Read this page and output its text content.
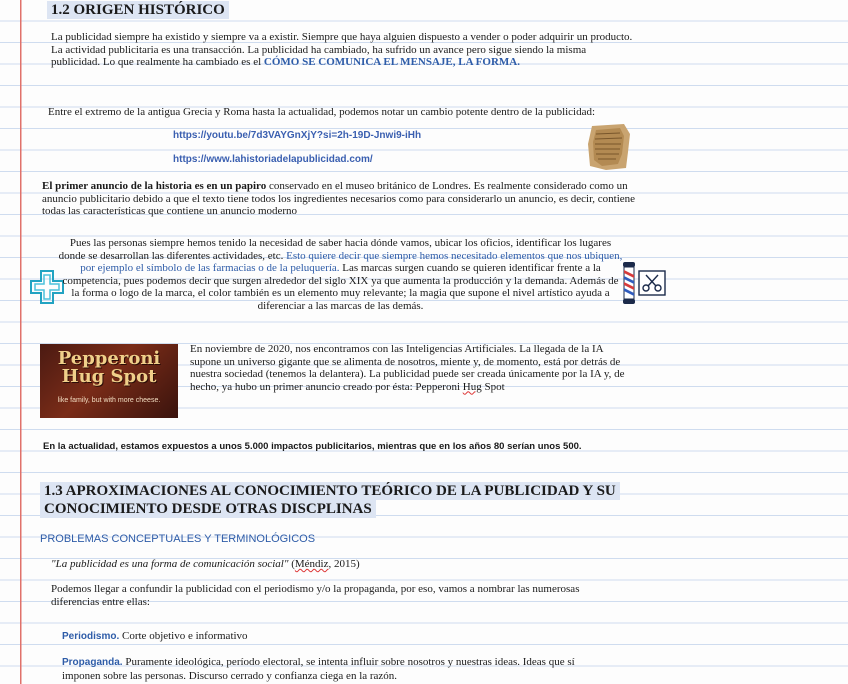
1.2 ORIGEN HISTÓRICO
La publicidad siempre ha existido y siempre va a existir. Siempre que haya alguien dispuesto a vender o poder adquirir un producto. La actividad publicitaria es una transacción. La publicidad ha cambiado, ha sufrido un avance pero sigue siendo la misma publicidad. Lo que realmente ha cambiado es el CÓMO SE COMUNICA EL MENSAJE, LA FORMA.
Entre el extremo de la antigua Grecia y Roma hasta la actualidad, podemos notar un cambio potente dentro de la publicidad:
https://youtu.be/7d3VAYGnXjY?si=2h-19D-Jnwi9-iHh
https://www.lahistoriadelapublicidad.com/
El primer anuncio de la historia es en un papiro conservado en el museo británico de Londres. Es realmente considerado como un anuncio publicitario debido a que el texto tiene todos los ingredientes necesarios como para considerarlo un anuncio, es decir, contiene todas las características que contiene un anuncio moderno
Pues las personas siempre hemos tenido la necesidad de saber hacia dónde vamos, ubicar los oficios, identificar los lugares donde se desarrollan las diferentes actividades, etc. Esto quiere decir que siempre hemos necesitado elementos que nos ubiquen, por ejemplo el símbolo de las farmacias o de la peluquería. Las marcas surgen cuando se quieren identificar frente a la competencia, pues podemos decir que surgen alrededor del siglo XIX ya que aumenta la producción y la demanda. Además de la forma o logo de la marca, el color también es un elemento muy relevante; la magia que supone el nivel artístico ayuda a diferenciar a las marcas de las demás.
Pepperoni
Hug Spot
like family, but with more cheese.
En noviembre de 2020, nos encontramos con las Inteligencias Artificiales. La llegada de la IA supone un universo gigante que se alimenta de nosotros, miente y, de momento, está por detrás de nuestra sociedad (tenemos la delantera). La publicidad puede ser creada únicamente por la IA y, de hecho, ya hubo un primer anuncio creado por ésta: Pepperoni Hug Spot
En la actualidad, estamos expuestos a unos 5.000 impactos publicitarios, mientras que en los años 80 serían unos 500.
1.3 APROXIMACIONES AL CONOCIMIENTO TEÓRICO DE LA PUBLICIDAD Y SU
CONOCIMIENTO DESDE OTRAS DISCPLINAS
PROBLEMAS CONCEPTUALES Y TERMINOLÓGICOS
"La publicidad es una forma de comunicación social" (Méndiz, 2015)
Podemos llegar a confundir la publicidad con el periodismo y/o la propaganda, por eso, vamos a nombrar las numerosas diferencias entre ellas:
Periodismo. Corte objetivo e informativo
Propaganda. Puramente ideológica, período electoral, se intenta influir sobre nosotros y nuestras ideas. Ideas que sí imponen sobre las personas. Discurso cerrado y confianza ciega en la razón.
